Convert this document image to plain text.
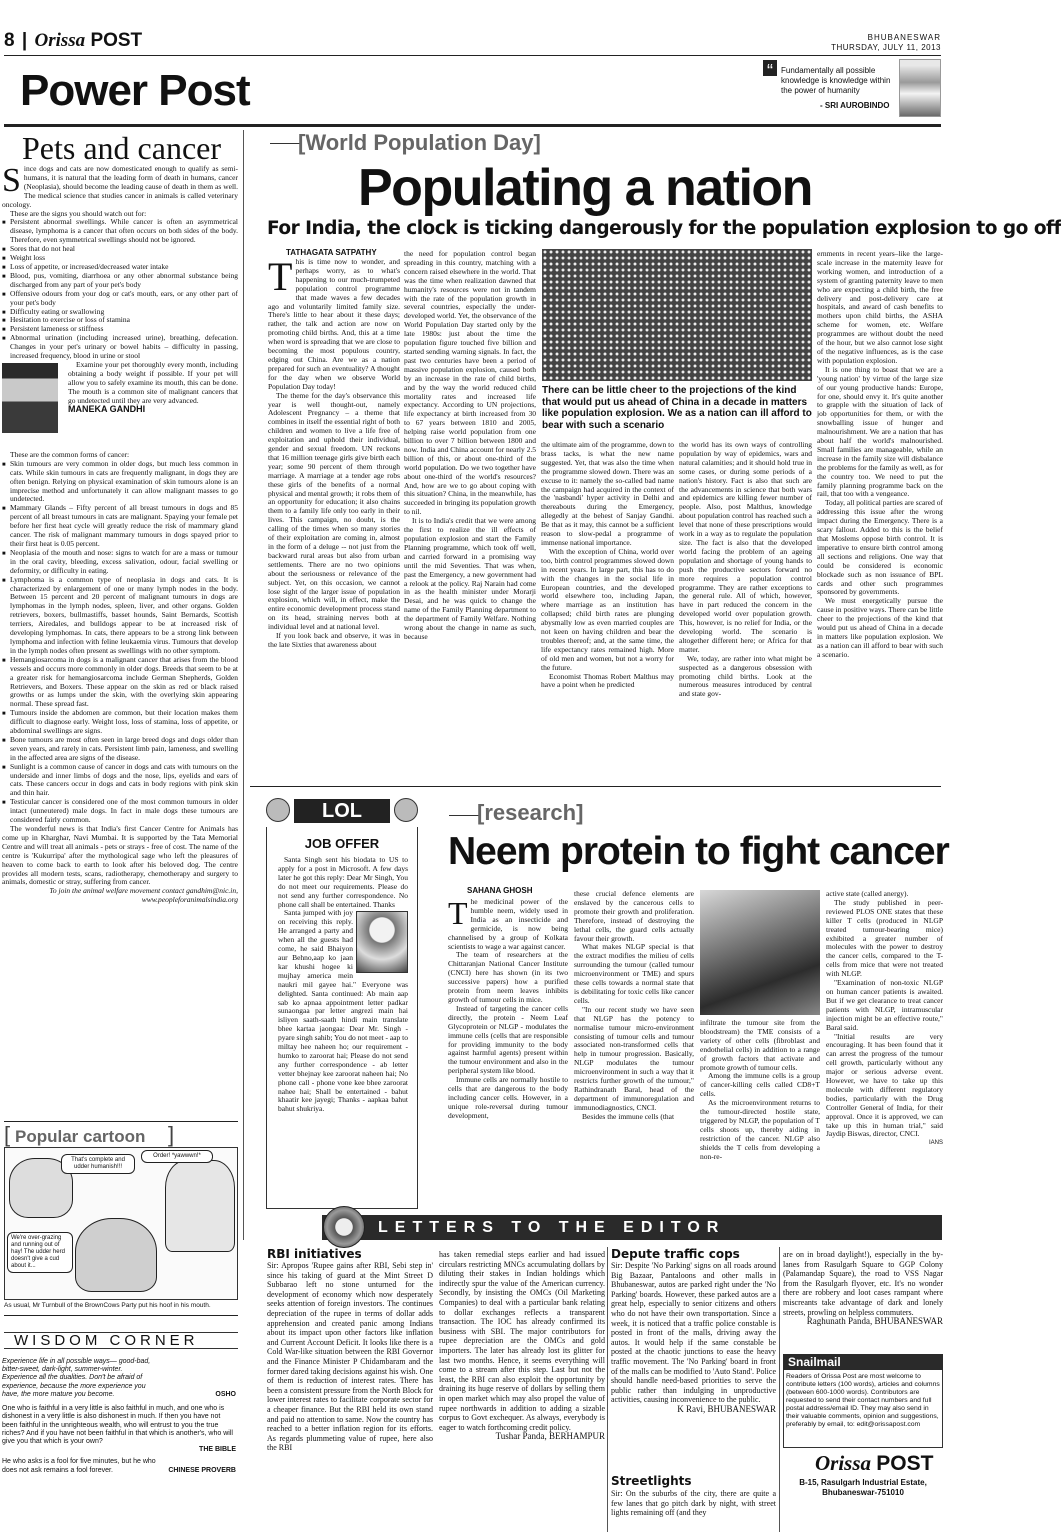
8 | Orissa POST	BHUBANESWAR
THURSDAY, JULY 11, 2013
Power Post	“	Fundamentally all possible knowledge is knowledge within the power of humanity
- SRI AUROBINDO
Pets and cancer
S ince dogs and cats are now domesticated enough to qualify as semi-humans, it is natural that the leading form of death in humans, cancer (Neoplasia), should become the leading cause of death in them as well. The medical science that studies cancer in animals is called veterinary oncology.
These are the signs you should watch out for:
■ Persistent abnormal swellings. While cancer is often an asymmetrical disease, lymphoma is a cancer that often occurs on both sides of the body. Therefore, even symmetrical swellings should not be ignored.
■ Sores that do not heal
■ Weight loss
■ Loss of appetite, or increased/decreased water intake
■ Blood, pus, vomiting, diarrhoea or any other abnormal substance being discharged from any part of your pet's body
■ Offensive odours from your dog or cat's mouth, ears, or any other part of your pet's body
■ Difficulty eating or swallowing
■ Hesitation to exercise or loss of stamina
■ Persistent lameness or stiffness
■ Abnormal urination (including increased urine), breathing, defecation. Changes in your pet's urinary or bowel habits – difficulty in passing, increased frequency, blood in urine or stool
Examine your pet thoroughly every month, including obtaining a body weight if possible. If your pet will allow you to safely examine its mouth, this can be done. The mouth is a common site of malignant cancers that go undetected until they are very advanced.
MANEKA GANDHI
These are the common forms of cancer:
■ Skin tumours are very common in older dogs, but much less common in cats. While skin tumours in cats are frequently malignant, in dogs they are often benign. Relying on physical examination of skin tumours alone is an imprecise method and unfortunately it can allow malignant masses to go undetected.
■ Mammary Glands – Fifty percent of all breast tumours in dogs and 85 percent of all breast tumours in cats are malignant. Spaying your female pet before her first heat cycle will greatly reduce the risk of mammary gland cancer. The risk of malignant mammary tumours in dogs spayed prior to their first heat is 0.05 percent.
■ Neoplasia of the mouth and nose: signs to watch for are a mass or tumour in the oral cavity, bleeding, excess salivation, odour, facial swelling or deformity, or difficulty in eating.
■ Lymphoma is a common type of neoplasia in dogs and cats. It is characterized by enlargement of one or many lymph nodes in the body. Between 15 percent and 20 percent of malignant tumours in dogs are lymphomas in the lymph nodes, spleen, liver, and other organs. Golden retrievers, boxers, bullmastiffs, basset hounds, Saint Bernards, Scottish terriers, Airedales, and bulldogs appear to be at increased risk of developing lymphomas. In cats, there appears to be a strong link between lymphoma and infection with feline leukaemia virus. Tumours that develop in the lymph nodes often present as swellings with no other symptom.
■ Hemangiosarcoma in dogs is a malignant cancer that arises from the blood vessels and occurs more commonly in older dogs. Breeds that seem to be at a greater risk for hemangiosarcoma include German Shepherds, Golden Retrievers, and Boxers. These appear on the skin as red or black raised growths or as lumps under the skin, with the overlying skin appearing normal. These spread fast.
■ Tumours inside the abdomen are common, but their location makes them difficult to diagnose early. Weight loss, loss of stamina, loss of appetite, or abdominal swellings are signs.
■ Bone tumours are most often seen in large breed dogs and dogs older than seven years, and rarely in cats. Persistent limb pain, lameness, and swelling in the affected area are signs of the disease.
■ Sunlight is a common cause of cancer in dogs and cats with tumours on the underside and inner limbs of dogs and the nose, lips, eyelids and ears of cats. These cancers occur in dogs and cats in body regions with pink skin and thin hair.
■ Testicular cancer is considered one of the most common tumours in older intact (unneutered) male dogs. In fact in male dogs these tumours are considered fairly common.
The wonderful news is that India's first Cancer Centre for Animals has come up in Kharghar, Navi Mumbai. It is supported by the Tata Memorial Centre and will treat all animals - pets or strays - free of cost. The name of the centre is 'Kukurripa' after the mythological sage who left the pleasures of heaven to come back to earth to look after his beloved dog. The centre provides all modern tests, scans, radiotherapy, chemotherapy and surgery to animals, domestic or stray, suffering from cancer.
To join the animal welfare movement contact gandhim@nic.in, www.peopleforanimalsindia.org
[ Popular cartoon ]
That's complete and udder humanish!!!
Order! *yawwwn!*
We're over-grazing and running out of hay! The udder herd doesn't give a cud about it...
As usual, Mr Turnbull of the BrownCows Party put his hoof in his mouth.
WISDOM CORNER
Experience life in all possible ways— good-bad, bitter-sweet, dark-light, summer-winter. Experience all the dualities. Don't be afraid of experience, because the more experience you have, the more mature you become.	OSHO
One who is faithful in a very little is also faithful in much, and one who is dishonest in a very little is also dishonest in much. If then you have not been faithful in the unrighteous wealth, who will entrust to you the true riches? And if you have not been faithful in that which is another's, who will give you that which is your own?
THE BIBLE
He who asks is a fool for five minutes, but he who does not ask remains a fool forever.	CHINESE PROVERB
[World Population Day]
Populating a nation
For India, the clock is ticking dangerously for the population explosion to go off
TATHAGATA SATPATHY
T his is time now to wonder, and perhaps worry, as to what's happening to our much-trumpeted population control programme that made waves a few decades ago and voluntarily limited family size. There's little to hear about it these days; rather, the talk and action are now on promoting child births. And, this at a time when word is spreading that we are close to becoming the most populous country, edging out China. Are we as a nation prepared for such an eventuality? A thought for the day when we observe World Population Day today!
The theme for the day's observance this year is well thought-out, namely Adolescent Pregnancy – a theme that combines in itself the essential right of both children and women to live a life free of exploitation and uphold their individual, gender and sexual freedom. UN reckons that 16 million teenage girls give birth each year; some 90 percent of them through marriage. A marriage at a tender age robs these girls of the benefits of a normal physical and mental growth; it robs them of an opportunity for education; it also chains them to a family life only too early in their lives. This campaign, no doubt, is the calling of the times when so many stories of their exploitation are coming in, almost in the form of a deluge -- not just from the backward rural areas but also from urban settlements. There are no two opinions about the seriousness or relevance of the subject. Yet, on this occasion, we cannot lose sight of the larger issue of population explosion, which will, in effect, make the entire economic development process stand on its head, straining nerves both at individual level and at national level.
If you look back and observe, it was in the late Sixties that awareness about
the need for population control began spreading in this country, matching with a concern raised elsewhere in the world. That was the time when realization dawned that humanity's resources were not in tandem with the rate of the population growth in several countries, especially the under-developed world. Yet, the observance of the World Population Day started only by the late 1980s: just about the time the population figure touched five billion and started sending warning signals. In fact, the past two centuries have been a period of massive population explosion, caused both by an increase in the rate of child births, and by the way the world reduced child mortality rates and increased life expectancy. According to UN projections, life expectancy at birth increased from 30 to 67 years between 1810 and 2005, helping raise world population from one billion to over 7 billion between 1800 and now. India and China account for nearly 2.5 billion of this, or about one-third of the world population. Do we two together have about one-third of the world's resources? And, how are we to go about coping with this situation? China, in the meanwhile, has succeeded in bringing its population growth to nil.
It is to India's credit that we were among the first to realize the ill effects of population explosion and start the Family Planning programme, which took off well, and carried forward in a promising way until the mid Seventies. That was when, past the Emergency, a new government had a relook at the policy. Raj Narain had come in as the health minister under Morarji Desai, and he was quick to change the name of the Family Planning department to the department of Family Welfare. Nothing wrong about the change in name as such, because
There can be little cheer to the projections of the kind that would put us ahead of China in a decade in matters like population explosion. We as a nation can ill afford to bear with such a scenario
the ultimate aim of the programme, down to brass tacks, is what the new name suggested. Yet, that was also the time when the programme slowed down. There was an excuse to it: namely the so-called bad name the campaign had acquired in the context of the 'nasbandi' hyper activity in Delhi and thereabouts during the Emergency, allegedly at the behest of Sanjay Gandhi. Be that as it may, this cannot be a sufficient reason to slow-pedal a programme of immense national importance.
With the exception of China, world over too, birth control programmes slowed down in recent years. In large part, this has to do with the changes in the social life in European countries, and the developed world elsewhere too, including Japan, where marriage as an institution has collapsed; child birth rates are plunging abysmally low as even married couples are not keen on having children and bear the troubles thereof; and, at the same time, the life expectancy rates remained high. More of old men and women, but not a worry for the future.
Economist Thomas Robert Malthus may have a point when he predicted
the world has its own ways of controlling population by way of epidemics, wars and natural calamities; and it should hold true in some cases, or during some periods of a nation's history. Fact is also that such are the advancements in science that both wars and epidemics are killing fewer number of people. Also, post Malthus, knowledge about population control has reached such a level that none of these prescriptions would work in a way as to regulate the population size. The fact is also that the developed world facing the problem of an ageing population and shortage of young hands to push the productive sectors forward no more requires a population control programme. They are rather exceptions to the general rule. All of which, however, have in part reduced the concern in the developed world over population growth. This, however, is no relief for India, or the developing world. The scenario is altogether different here; or Africa for that matter.
We, today, are rather into what might be suspected as a dangerous obsession with promoting child births. Look at the numerous measures introduced by central and state gov-
ernments in recent years–like the large-scale increase in the maternity leave for working women, and introduction of a system of granting paternity leave to men who are expecting a child birth, the free delivery and post-delivery care at hospitals, and award of cash benefits to mothers upon child births, the ASHA scheme for women, etc. Welfare programmes are without doubt the need of the hour, but we also cannot lose sight of the negative influences, as is the case with population explosion.
It is one thing to boast that we are a 'young nation' by virtue of the large size of our young productive hands: Europe, for one, should envy it. It's quite another to grapple with the situation of lack of job opportunities for them, or with the snowballing issue of hunger and malnourishment. We are a nation that has about half the world's malnourished. Small families are manageable, while an increase in the family size will disbalance the problems for the family as well, as for the country too. We need to put the family planning programme back on the rail, that too with a vengeance.
Today, all political parties are scared of addressing this issue after the wrong impact during the Emergency. There is a scary fallout. Added to this is the belief that Moslems oppose birth control. It is imperative to ensure birth control among all sections and religions. One way that could be considered is economic blockade such as non issuance of BPL cards and other such programmes sponsored by governments.
We must energetically pursue the cause in positive ways. There can be little cheer to the projections of the kind that would put us ahead of China in a decade in matters like population explosion. We as a nation can ill afford to bear with such a scenario.
LOL
JOB OFFER
Santa Singh sent his biodata to US to apply for a post in Microsoft. A few days later he got this reply: Dear Mr Singh, You do not meet our requirements. Please do not send any further correspondence. No phone call shall be entertained. Thanks
Santa jumped with joy on receiving this reply. He arranged a party and when all the guests had come, he said Bhaiyon aur Behno,aap ko jaan kar khushi hogee ki mujhay america mein naukri mil gayee hai." Everyone was delighted. Santa continued: Ab main aap sab ko apnaa appointment letter padkar sunaongaa par letter angrezi main hai isliyen saath-saath hindi main translate bhee kartaa jaongaa: Dear Mr. Singh - pyare singh sahib; You do not meet - aap to miltay hee naheen ho; our requirement - humko to zaroorat hai; Please do not send any further correspondence - ab letter vetter bhejnay kee zaroorat naheen hai; No phone call - phone vone kee bhee zaroorat nahee hai; Shall be entertained - bahut khaatir kee jayegi; Thanks - aapkaa bahut bahut shukriya.
[research]
Neem protein to fight cancer
SAHANA GHOSH
T he medicinal power of the humble neem, widely used in India as an insecticide and germicide, is now being channelised by a group of Kolkata scientists to wage a war against cancer.
The team of researchers at the Chittaranjan National Cancer Institute (CNCI) here has shown (in its two successive papers) how a purified protein from neem leaves inhibits growth of tumour cells in mice.
Instead of targeting the cancer cells directly, the protein - Neem Leaf Glycoprotein or NLGP - modulates the immune cells (cells that are responsible for providing immunity to the body against harmful agents) present within the tumour environment and also in the peripheral system like blood.
Immune cells are normally hostile to cells that are dangerous to the body including cancer cells. However, in a unique role-reversal during tumour development,
these crucial defence elements are enslaved by the cancerous cells to promote their growth and proliferation. Therefore, instead of destroying the lethal cells, the guard cells actually favour their growth.
What makes NLGP special is that the extract modifies the milieu of cells surrounding the tumour (called tumour microenvironment or TME) and spurs these cells towards a normal state that is debilitating for toxic cells like cancer cells.
"In our recent study we have seen that NLGP has the potency to normalise tumour micro-environment consisting of tumour cells and tumour associated non-transformed cells that help in tumour progression. Basically, NLGP modulates the tumour microenvironment in such a way that it restricts further growth of the tumour," Rathindranath Baral, head of the department of immunoregulation and immunodiagnostics, CNCI.
Besides the immune cells (that
infiltrate the tumour site from the bloodstream) the TME consists of a variety of other cells (fibroblast and endothelial cells) in addition to a range of growth factors that activate and promote growth of tumour cells.
Among the immune cells is a group of cancer-killing cells called CD8+T cells.
As the microenvironment returns to the tumour-directed hostile state, triggered by NLGP, the population of T cells shoots up, thereby aiding in restriction of the cancer. NLGP also shields the T cells from developing a non-re-
active state (called anergy).
The study published in peer-reviewed PLOS ONE states that these killer T cells (produced in NLGP treated tumour-bearing mice) exhibited a greater number of molecules with the power to destroy the cancer cells, compared to the T-cells from mice that were not treated with NLGP.
"Examination of non-toxic NLGP on human cancer patients is awaited. But if we get clearance to treat cancer patients with NLGP, intramuscular injection might be an effective route," Baral said.
"Initial results are very encouraging. It has been found that it can arrest the progress of the tumour cell growth, particularly without any major or serious adverse event. However, we have to take up this molecule with different regulatory bodies, particularly with the Drug Controller General of India, for their approval. Once it is approved, we can take up this in human trial," said Jaydip Biswas, director, CNCI.
IANS
LETTERS TO THE EDITOR
RBI initiatives
Sir: Apropos 'Rupee gains after RBI, Sebi step in' since his taking of guard at the Mint Street D Subbarao left no stone unturned for the development of economy which now desperately seeks attention of foreign investors. The continues depreciation of the rupee in terms of dollar adds apprehension and created panic among Indians about its impact upon other factors like inflation and Current Account Deficit. It looks like there is a Cold War-like situation between the RBI Governor and the Finance Minister P Chidambaram and the former dared taking decisions against his wish. One of them is reduction of interest rates. There has been a consistent pressure from the North Block for lower interest rates to facilitate corporate sector for a cheaper finance. But the RBI held its own stand and paid no attention to same. Now the country has reached to a better inflation region for its efforts. As regards plummeting value of rupee, here also the RBI
has taken remedial steps earlier and had issued circulars restricting MNCs accumulating dollars by diluting their stakes in Indian holdings which indirectly spur the value of the American currency. Secondly, by insisting the OMCs (Oil Marketing Companies) to deal with a particular bank relating to dollar exchanges reflects a transparent transaction. The IOC has already confirmed its business with SBI. The major contributors for rupee depreciation are the OMCs and gold importers. The later has already lost its glitter for last two months. Hence, it seems everything will come to a stream after this step. Last but not the least, the RBI can also exploit the opportunity by draining its huge reserve of dollars by selling them in open market which may also propel the value of rupee northwards in addition to adding a sizable corpus to Govt exchequer. As always, everybody is eager to watch forthcoming credit policy.
Tushar Panda, BERHAMPUR
Depute traffic cops
Sir: Despite 'No Parking' signs on all roads around Big Bazaar, Pantaloons and other malls in Bhubaneswar, autos are parked right under the 'No Parking' boards. However, these parked autos are a great help, especially to senior citizens and others who do not have their own transportation. Since a week, it is noticed that a traffic police constable is posted in front of the malls, driving away the autos. It would help if the same constable be posted at the chaotic junctions to ease the heavy traffic movement. The 'No Parking' board in front of the malls can be modified to 'Auto Stand'. Police should handle need-based priorities to serve the public rather than indulging in unproductive activities, causing inconvenience to the public.
K Ravi, BHUBANESWAR
Streetlights
Sir: On the suburbs of the city, there are quite a few lanes that go pitch dark by night, with street lights remaining off (and they
are on in broad daylight!), especially in the by-lanes from Rasulgarh Square to GGP Colony (Palamandap Square), the road to VSS Nagar from the Rasulgarh flyover, etc. It's no wonder there are robbery and loot cases rampant where miscreants take advantage of dark and lonely streets, prowling on helpless commuters.
Raghunath Panda, BHUBANESWAR
Snailmail
Readers of Orissa Post are most welcome to contribute letters (100 words), articles and columns (between 600-1000 words). Contributors are requested to send their contact numbers and full postal address/email ID. They may also send in their valuable comments, opinion and suggestions, preferably by email, to: edit@orissapost.com
Orissa POST
B-15, Rasulgarh Industrial Estate,
Bhubaneswar-751010
